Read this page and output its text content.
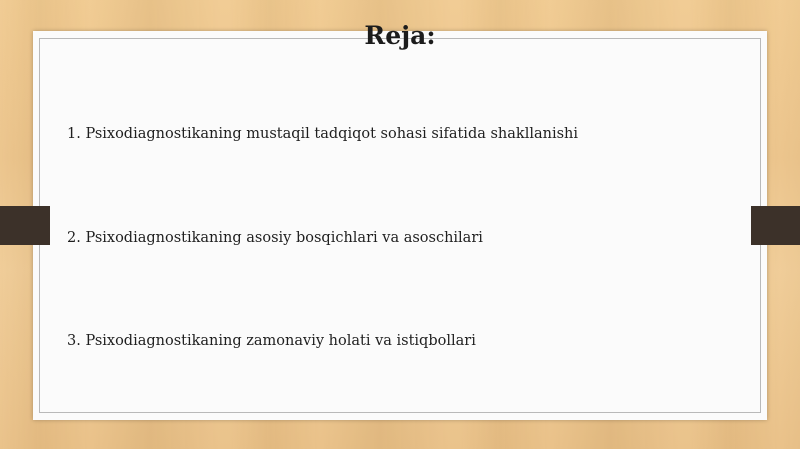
Reja:
1. Psixodiagnostikaning mustaqil tadqiqot sohasi sifatida shakllanishi
2. Psixodiagnostikaning asosiy bosqichlari va asoschilari
3. Psixodiagnostikaning zamonaviy holati va istiqbollari
